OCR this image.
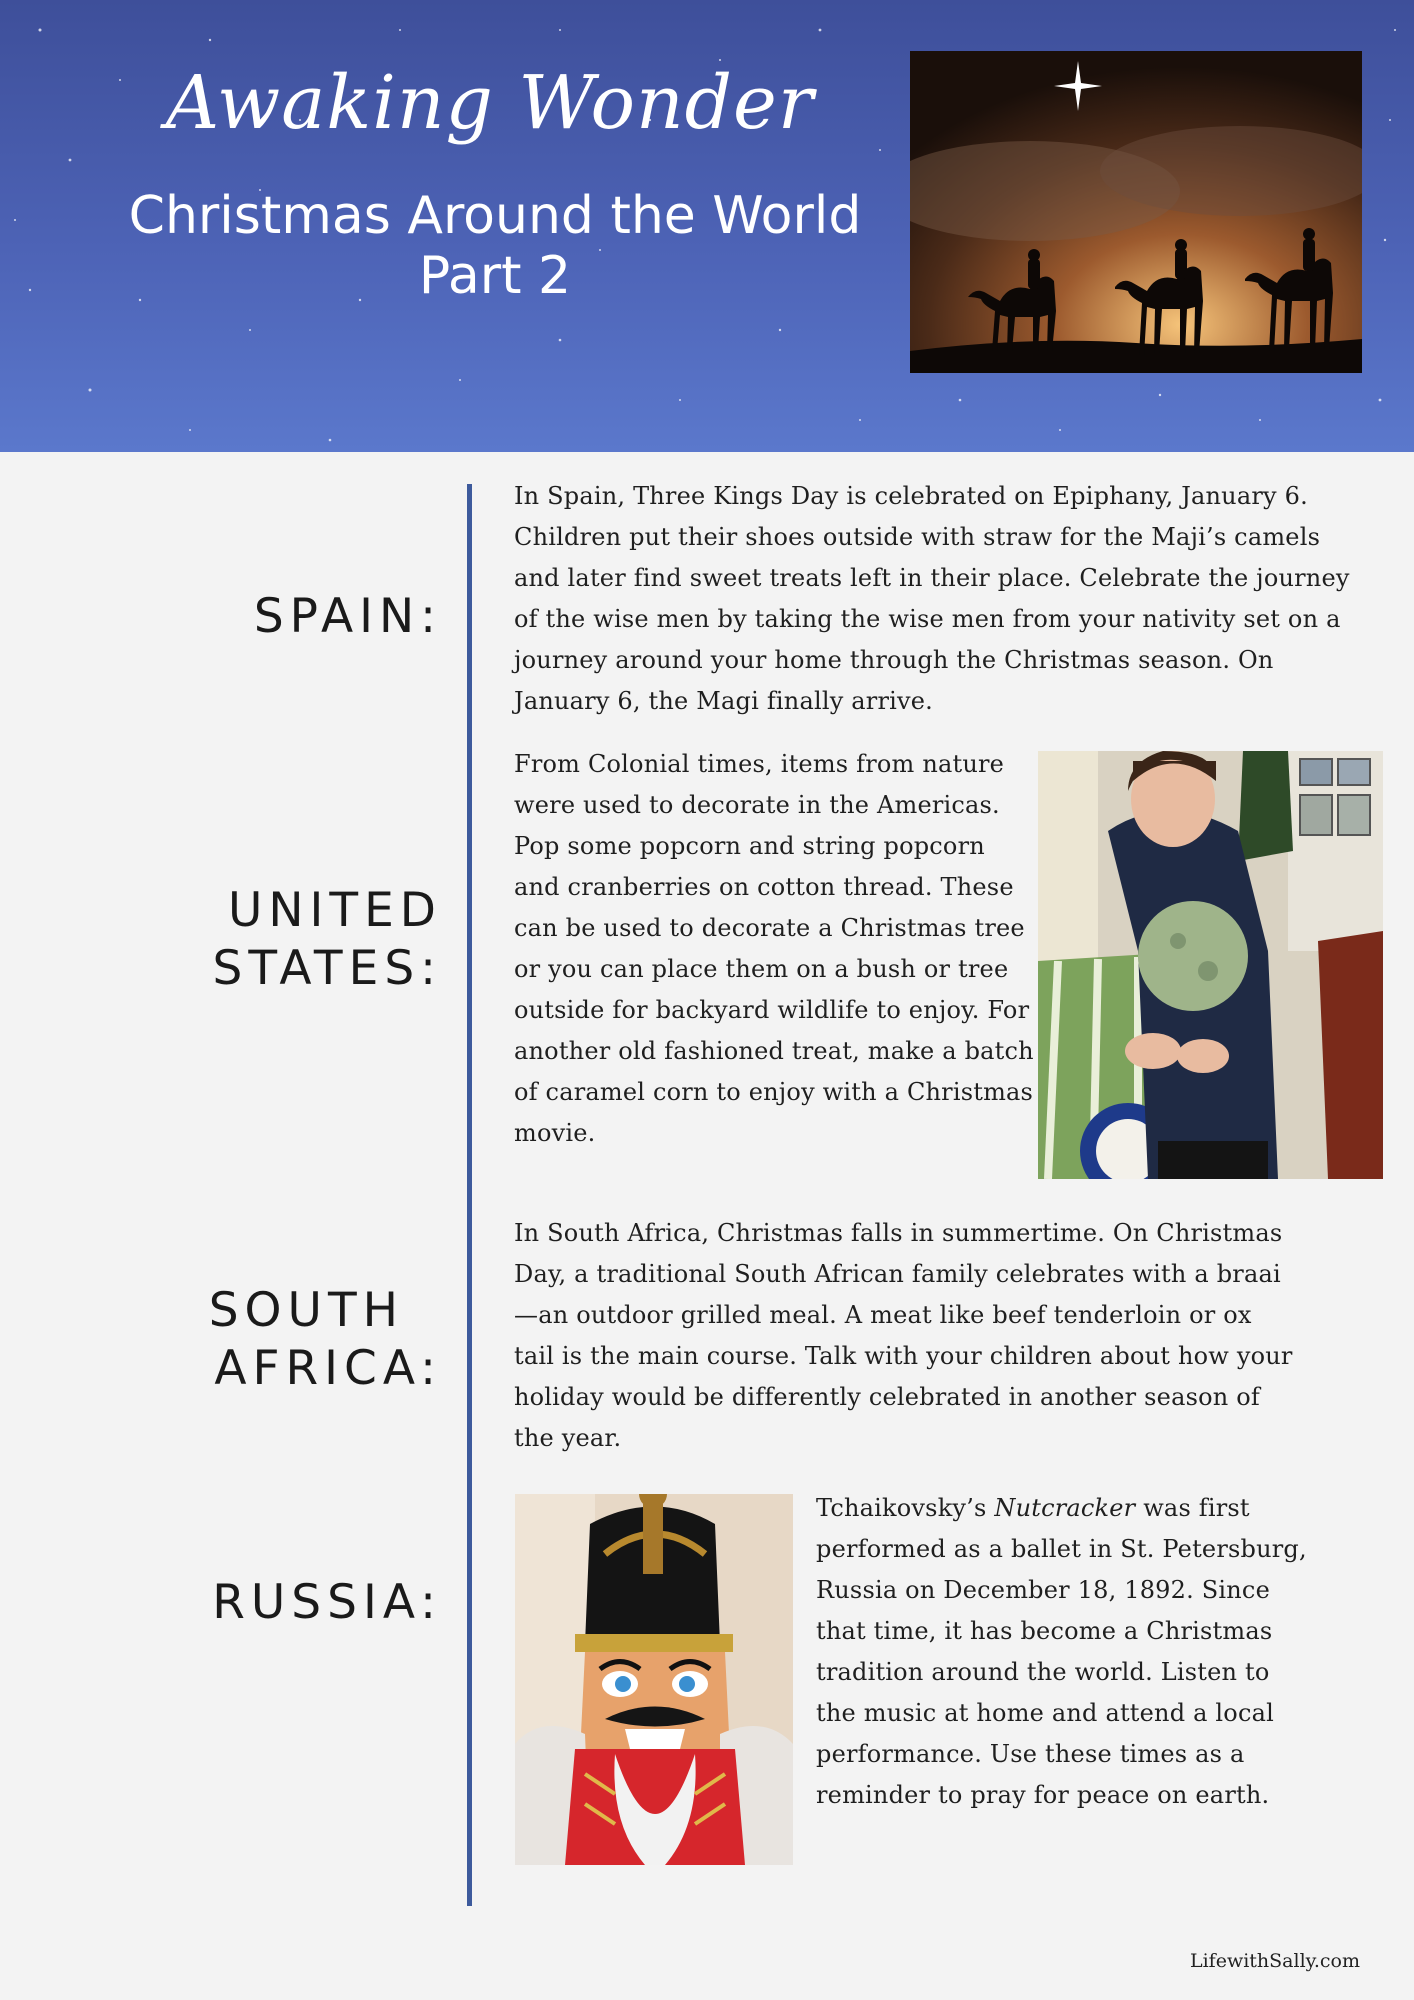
Awaking Wonder
Christmas Around the World
Part 2
SPAIN:
In Spain, Three Kings Day is celebrated on Epiphany, January 6. Children put their shoes outside with straw for the Maji’s camels and later find sweet treats left in their place. Celebrate the journey of the wise men by taking the wise men from your nativity set on a journey around your home through the Christmas season. On January 6, the Magi finally arrive.
UNITED
STATES:
From Colonial times, items from nature were used to decorate in the Americas. Pop some popcorn and string popcorn and cranberries on cotton thread. These can be used to decorate a Christmas tree or you can place them on a bush or tree outside for backyard wildlife to enjoy. For another old fashioned treat, make a batch of caramel corn to enjoy with a Christmas movie.
SOUTH
AFRICA:
In South Africa, Christmas falls in summertime. On Christmas Day, a traditional South African family celebrates with a braai—an outdoor grilled meal. A meat like beef tenderloin or ox tail is the main course. Talk with your children about how your holiday would be differently celebrated in another season of the year.
RUSSIA:
Tchaikovsky’s Nutcracker was first performed as a ballet in St. Petersburg, Russia on December 18, 1892. Since that time, it has become a Christmas tradition around the world. Listen to the music at home and attend a local performance. Use these times as a reminder to pray for peace on earth.
LifewithSally.com
